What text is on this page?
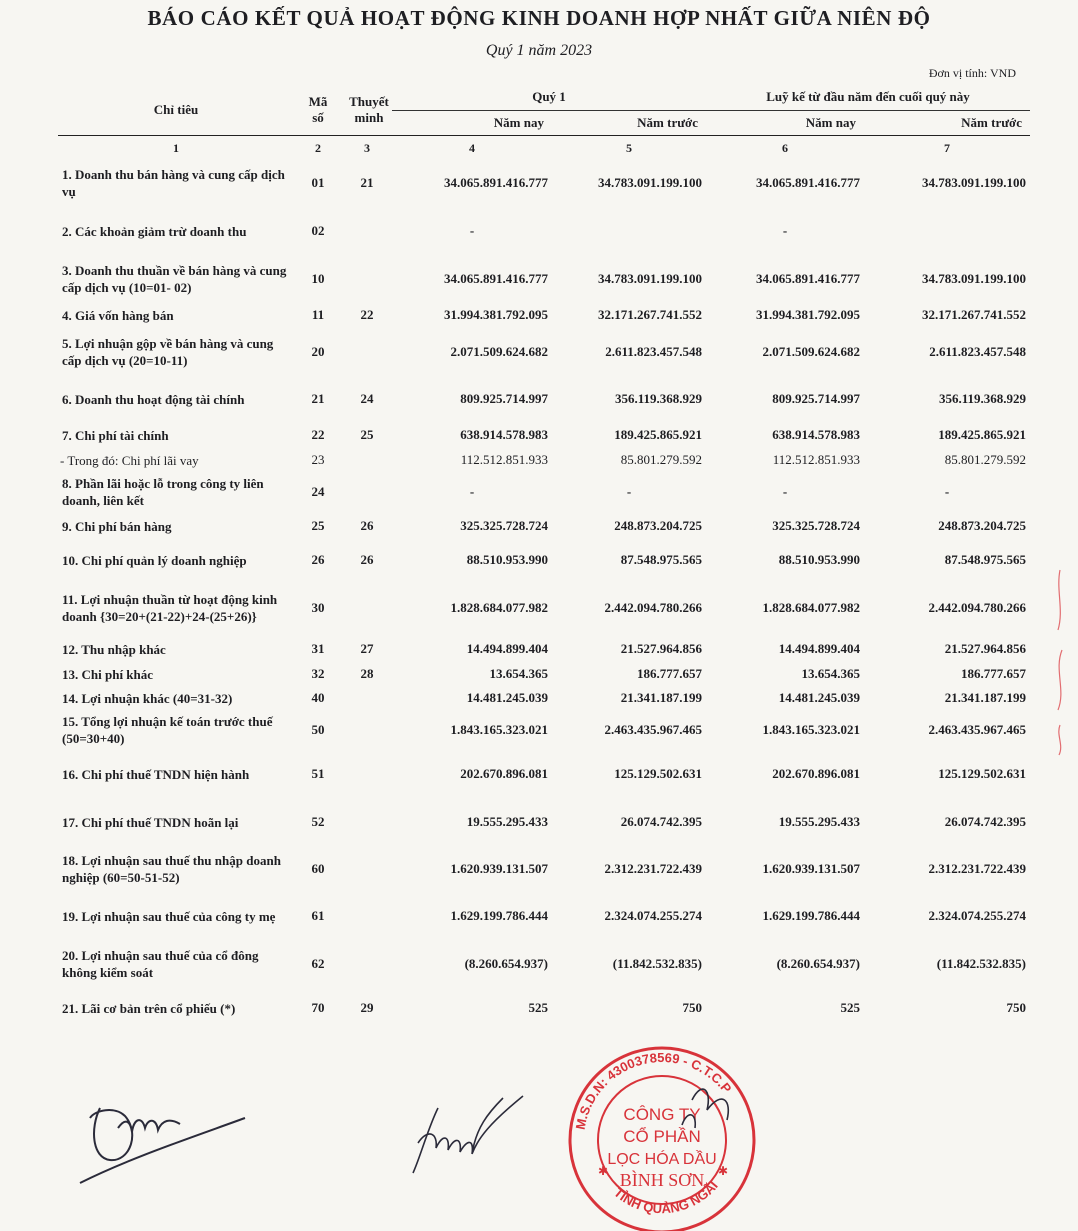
BÁO CÁO KẾT QUẢ HOẠT ĐỘNG KINH DOANH HỢP NHẤT GIỮA NIÊN ĐỘ
Quý 1 năm 2023
Đơn vị tính: VND
Chỉ tiêu	Mã số	Thuyết minh	Quý 1		Luỹ kế từ đầu năm đến cuối quý này	
			Năm nay	Năm trước	Năm nay	Năm trước
1	2	3	4	5	6	7
1. Doanh thu bán hàng và cung cấp dịch vụ	01	21	34.065.891.416.777	34.783.091.199.100	34.065.891.416.777	34.783.091.199.100
2. Các khoản giảm trừ doanh thu	02		-		-	
3. Doanh thu thuần về bán hàng và cung cấp dịch vụ (10=01- 02)	10		34.065.891.416.777	34.783.091.199.100	34.065.891.416.777	34.783.091.199.100
4. Giá vốn hàng bán	11	22	31.994.381.792.095	32.171.267.741.552	31.994.381.792.095	32.171.267.741.552
5. Lợi nhuận gộp về bán hàng và cung cấp dịch vụ (20=10-11)	20		2.071.509.624.682	2.611.823.457.548	2.071.509.624.682	2.611.823.457.548
6. Doanh thu hoạt động tài chính	21	24	809.925.714.997	356.119.368.929	809.925.714.997	356.119.368.929
7. Chi phí tài chính	22	25	638.914.578.983	189.425.865.921	638.914.578.983	189.425.865.921
- Trong đó: Chi phí lãi vay	23		112.512.851.933	85.801.279.592	112.512.851.933	85.801.279.592
8. Phần lãi hoặc lỗ trong công ty liên doanh, liên kết	24		-	-	-	-
9. Chi phí bán hàng	25	26	325.325.728.724	248.873.204.725	325.325.728.724	248.873.204.725
10. Chi phí quản lý doanh nghiệp	26	26	88.510.953.990	87.548.975.565	88.510.953.990	87.548.975.565
11. Lợi nhuận thuần từ hoạt động kinh doanh {30=20+(21-22)+24-(25+26)}	30		1.828.684.077.982	2.442.094.780.266	1.828.684.077.982	2.442.094.780.266
12. Thu nhập khác	31	27	14.494.899.404	21.527.964.856	14.494.899.404	21.527.964.856
13. Chi phí khác	32	28	13.654.365	186.777.657	13.654.365	186.777.657
14. Lợi nhuận khác (40=31-32)	40		14.481.245.039	21.341.187.199	14.481.245.039	21.341.187.199
15. Tổng lợi nhuận kế toán trước thuế (50=30+40)	50		1.843.165.323.021	2.463.435.967.465	1.843.165.323.021	2.463.435.967.465
16. Chi phí thuế TNDN hiện hành	51		202.670.896.081	125.129.502.631	202.670.896.081	125.129.502.631
17. Chi phí thuế TNDN hoãn lại	52		19.555.295.433	26.074.742.395	19.555.295.433	26.074.742.395
18. Lợi nhuận sau thuế thu nhập doanh nghiệp (60=50-51-52)	60		1.620.939.131.507	2.312.231.722.439	1.620.939.131.507	2.312.231.722.439
19. Lợi nhuận sau thuế của công ty mẹ	61		1.629.199.786.444	2.324.074.255.274	1.629.199.786.444	2.324.074.255.274
20. Lợi nhuận sau thuế của cổ đông không kiểm soát	62		(8.260.654.937)	(11.842.532.835)	(8.260.654.937)	(11.842.532.835)
21. Lãi cơ bản trên cổ phiếu (*)	70	29	525	750	525	750
M.S.D.N: 4300378569 - C.T.C.P
TỈNH QUẢNG NGÃI
CÔNG TY
CỔ PHẦN
LỌC HÓA DẦU
BÌNH SƠN
✱	✱
